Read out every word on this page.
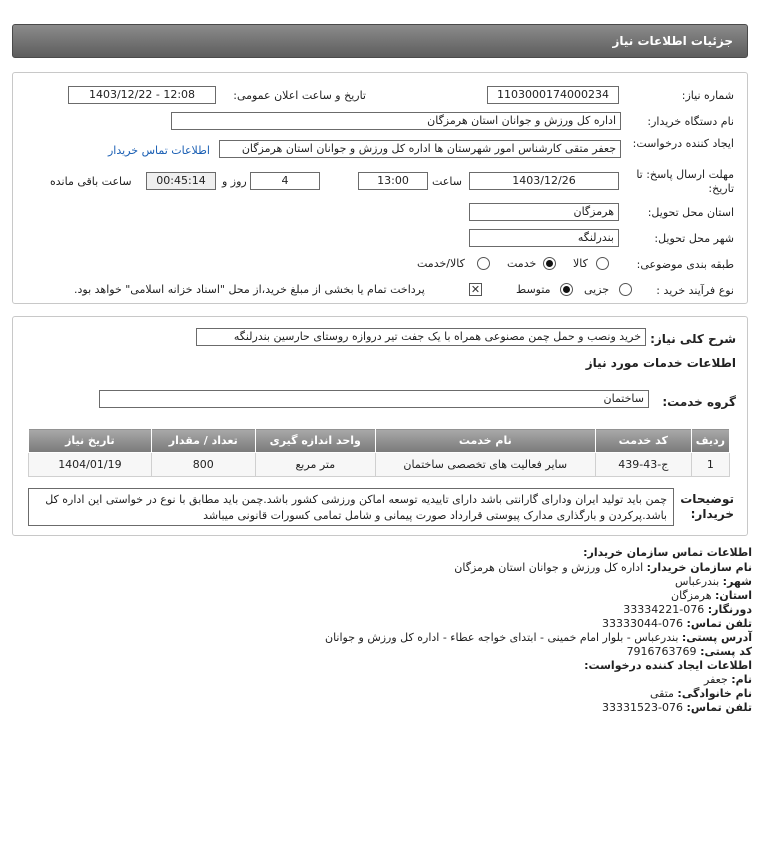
جزئیات اطلاعات نیاز
شماره نیاز:
1103000174000234
تاریخ و ساعت اعلان عمومی:
1403/12/22 - 12:08
نام دستگاه خریدار:
اداره کل ورزش و جوانان استان هرمزگان
ایجاد کننده درخواست:
جعفر متقی کارشناس امور شهرستان ها اداره کل ورزش و جوانان استان هرمزگان
اطلاعات تماس خریدار
مهلت ارسال پاسخ: تا تاریخ:
1403/12/26
ساعت
13:00
4
روز و
00:45:14
ساعت باقی مانده
استان محل تحویل:
هرمزگان
شهر محل تحویل:
بندرلنگه
طبقه بندی موضوعی:
کالا
خدمت
کالا/خدمت
نوع فرآیند خرید :
جزیی
متوسط
✕
پرداخت تمام یا بخشی از مبلغ خرید،از محل "اسناد خزانه اسلامی" خواهد بود.
شرح کلی نیاز:
خرید ونصب و حمل چمن مصنوعی همراه با یک جفت تیر دروازه روستای حارسین بندرلنگه
اطلاعات خدمات مورد نیاز
گروه خدمت:
ساختمان
ردیف	کد خدمت	نام خدمت	واحد اندازه گیری	تعداد / مقدار	تاریخ نیاز
1	ج-43-439	سایر فعالیت های تخصصی ساختمان	متر مربع	800	1404/01/19
توضیحات خریدار:
چمن باید تولید ایران ودارای گارانتی باشد دارای تاییدیه توسعه اماکن ورزشی کشور باشد.چمن باید مطابق با نوع در خواستی این اداره کل باشد.پرکردن و بارگذاری مدارک پیوستی قرارداد صورت پیمانی و شامل تمامی کسورات قانونی میباشد
اطلاعات تماس سازمان خریدار:
نام سازمان خریدار: اداره کل ورزش و جوانان استان هرمزگان
شهر: بندرعباس
استان: هرمزگان
دورنگار: 076-33334221
تلفن تماس: 076-33333044
آدرس پستی: بندرعباس - بلوار امام خمینی - ابتدای خواجه عطاء - اداره کل ورزش و جوانان
کد پستی: 7916763769
اطلاعات ایجاد کننده درخواست:
نام: جعفر
نام خانوادگی: متقی
تلفن تماس: 076-33331523
